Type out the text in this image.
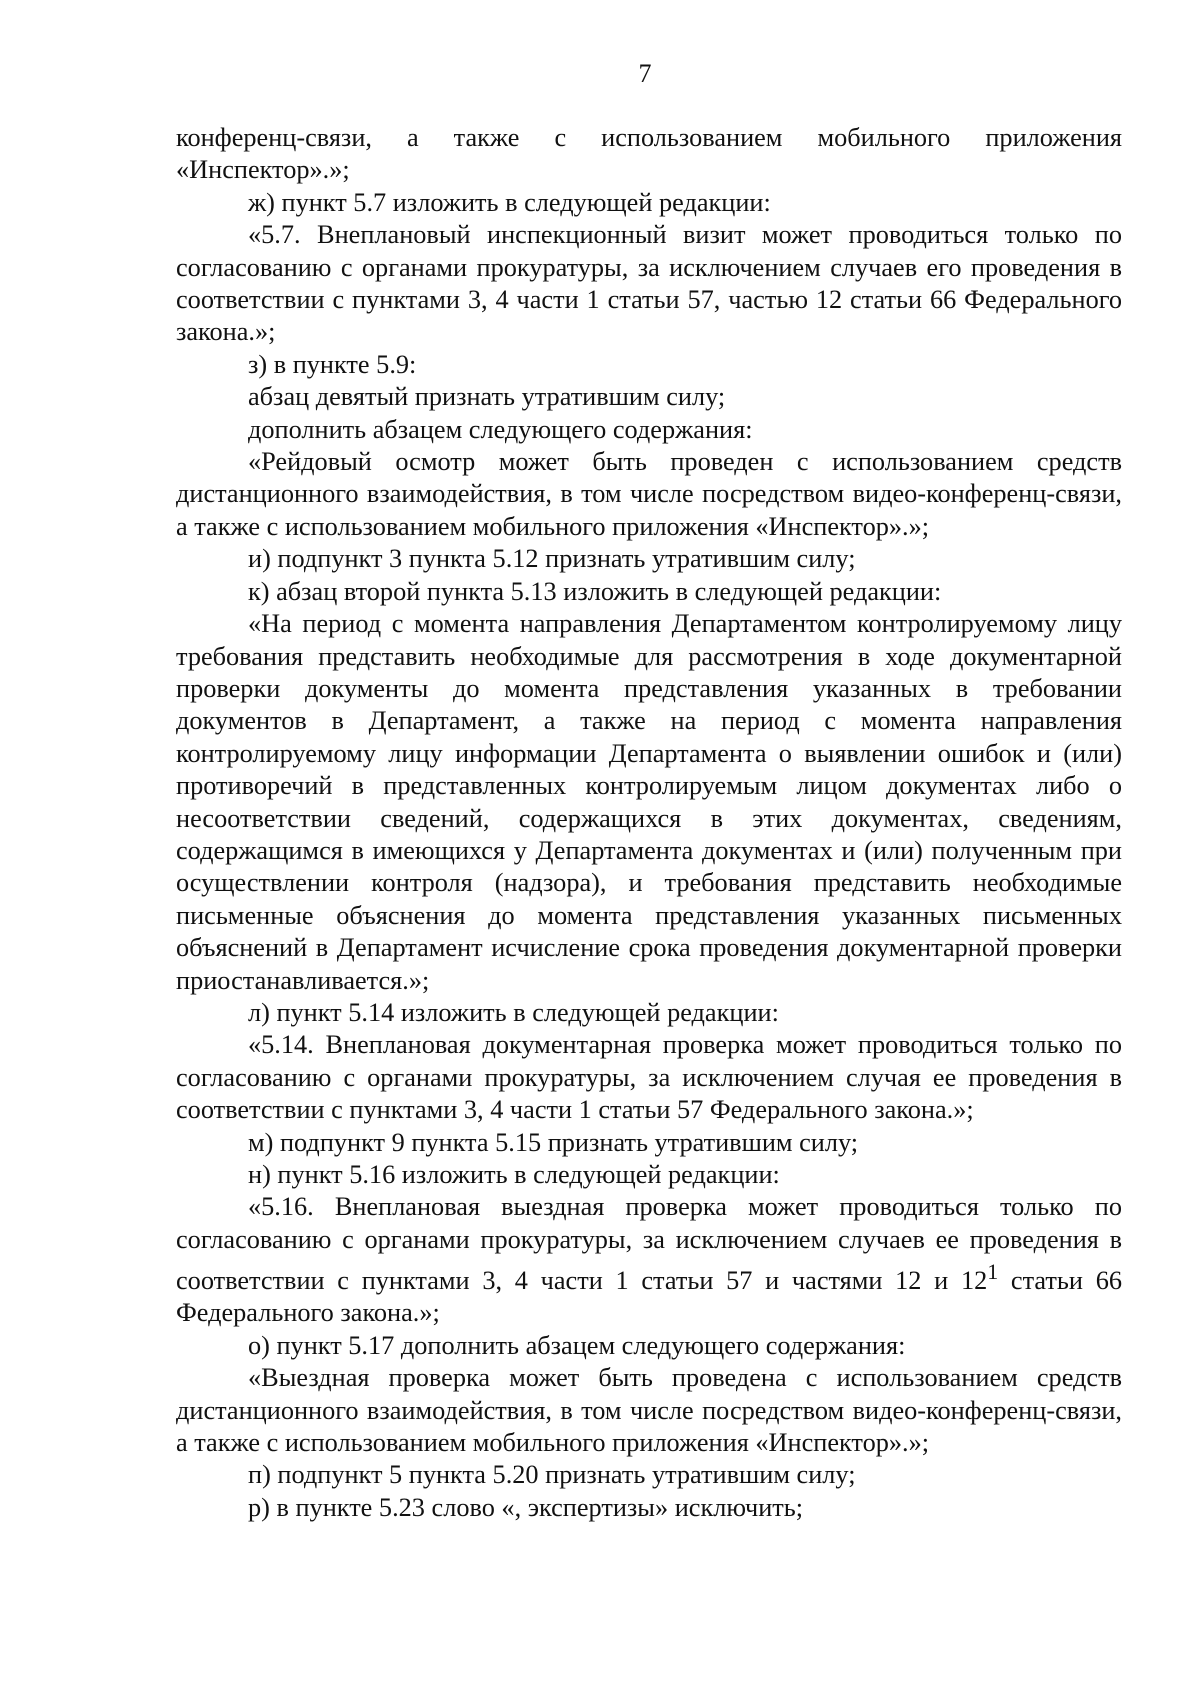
7

конференц-связи, а также с использованием мобильного приложения «Инспектор».»;

ж) пункт 5.7 изложить в следующей редакции:

«5.7. Внеплановый инспекционный визит может проводиться только по согласованию с органами прокуратуры, за исключением случаев его проведения в соответствии с пунктами 3, 4 части 1 статьи 57, частью 12 статьи 66 Федерального закона.»;

з) в пункте 5.9:

абзац девятый признать утратившим силу;

дополнить абзацем следующего содержания:

«Рейдовый осмотр может быть проведен с использованием средств дистанционного взаимодействия, в том числе посредством видео-конференц-связи, а также с использованием мобильного приложения «Инспектор».»;

и) подпункт 3 пункта 5.12 признать утратившим силу;

к) абзац второй пункта 5.13 изложить в следующей редакции:

«На период с момента направления Департаментом контролируемому лицу требования представить необходимые для рассмотрения в ходе документарной проверки документы до момента представления указанных в требовании документов в Департамент, а также на период с момента направления контролируемому лицу информации Департамента о выявлении ошибок и (или) противоречий в представленных контролируемым лицом документах либо о несоответствии сведений, содержащихся в этих документах, сведениям, содержащимся в имеющихся у Департамента документах и (или) полученным при осуществлении контроля (надзора), и требования представить необходимые письменные объяснения до момента представления указанных письменных объяснений в Департамент исчисление срока проведения документарной проверки приостанавливается.»;

л) пункт 5.14 изложить в следующей редакции:

«5.14. Внеплановая документарная проверка может проводиться только по согласованию с органами прокуратуры, за исключением случая ее проведения в соответствии с пунктами 3, 4 части 1 статьи 57 Федерального закона.»;

м) подпункт 9 пункта 5.15 признать утратившим силу;

н) пункт 5.16 изложить в следующей редакции:

«5.16. Внеплановая выездная проверка может проводиться только по согласованию с органами прокуратуры, за исключением случаев ее проведения в соответствии с пунктами 3, 4 части 1 статьи 57 и частями 12 и $12^1$ статьи 66 Федерального закона.»;

о) пункт 5.17 дополнить абзацем следующего содержания:

«Выездная проверка может быть проведена с использованием средств дистанционного взаимодействия, в том числе посредством видео-конференц-связи, а также с использованием мобильного приложения «Инспектор».»;

п) подпункт 5 пункта 5.20 признать утратившим силу;

р) в пункте 5.23 слово «, экспертизы» исключить;
